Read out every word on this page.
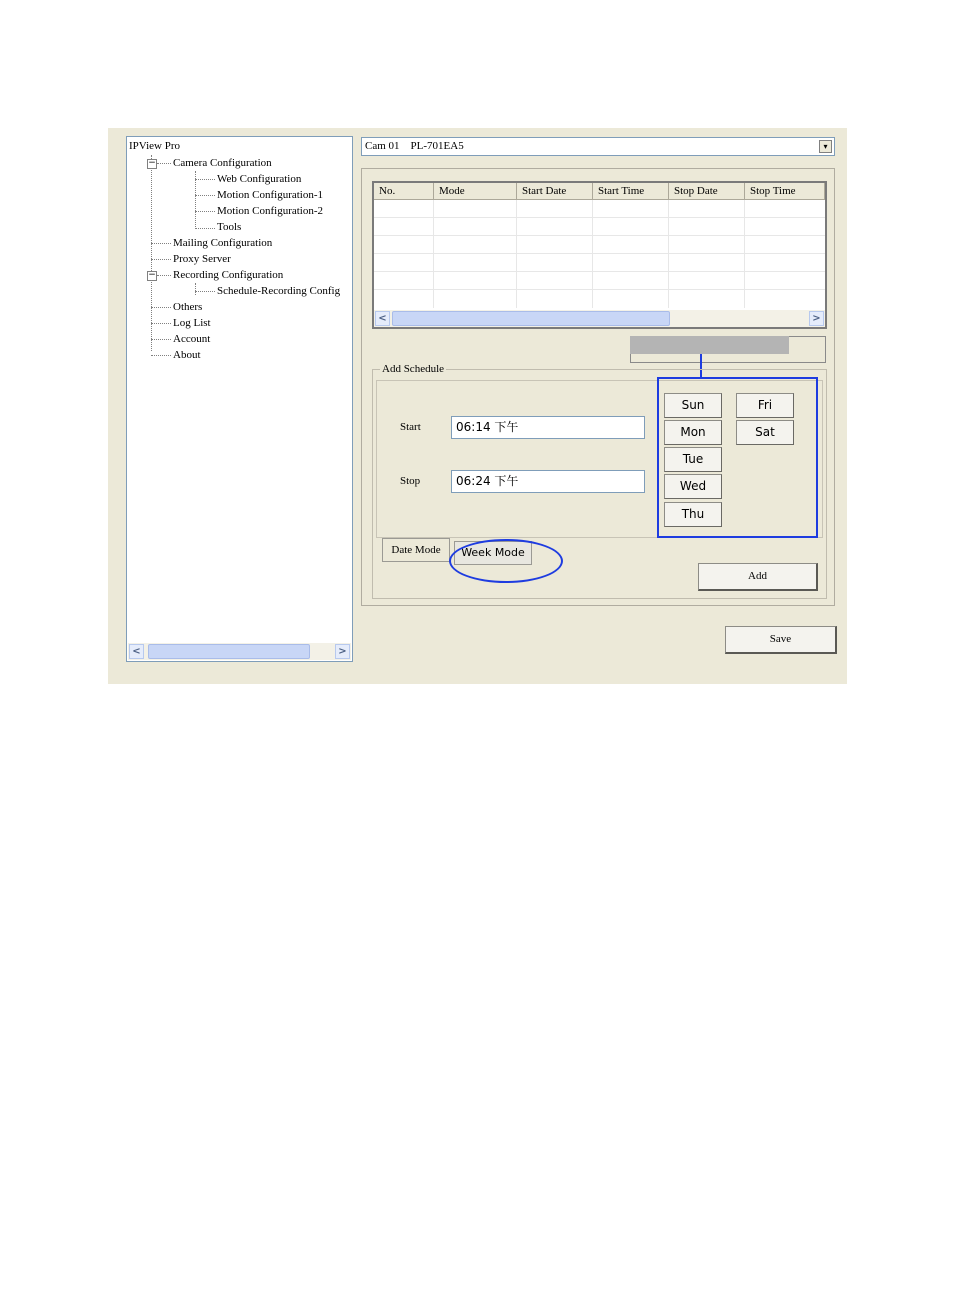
IPView Pro
− Camera Configuration
Web Configuration
Motion Configuration-1
Motion Configuration-2
Tools
Mailing Configuration
Proxy Server
− Recording Configuration
Schedule-Recording Config
Others
Log List
Account
About
<	>
Cam 01    PL-701EA5	▾
No.	Mode	Start Date	Start Time	Stop Date	Stop Time
<	>
Add Schedule
Start	06:14 下午
Stop	06:24 下午
Sun
Mon
Tue
Wed
Thu
Fri
Sat
Date Mode	Week Mode
Add
Save
